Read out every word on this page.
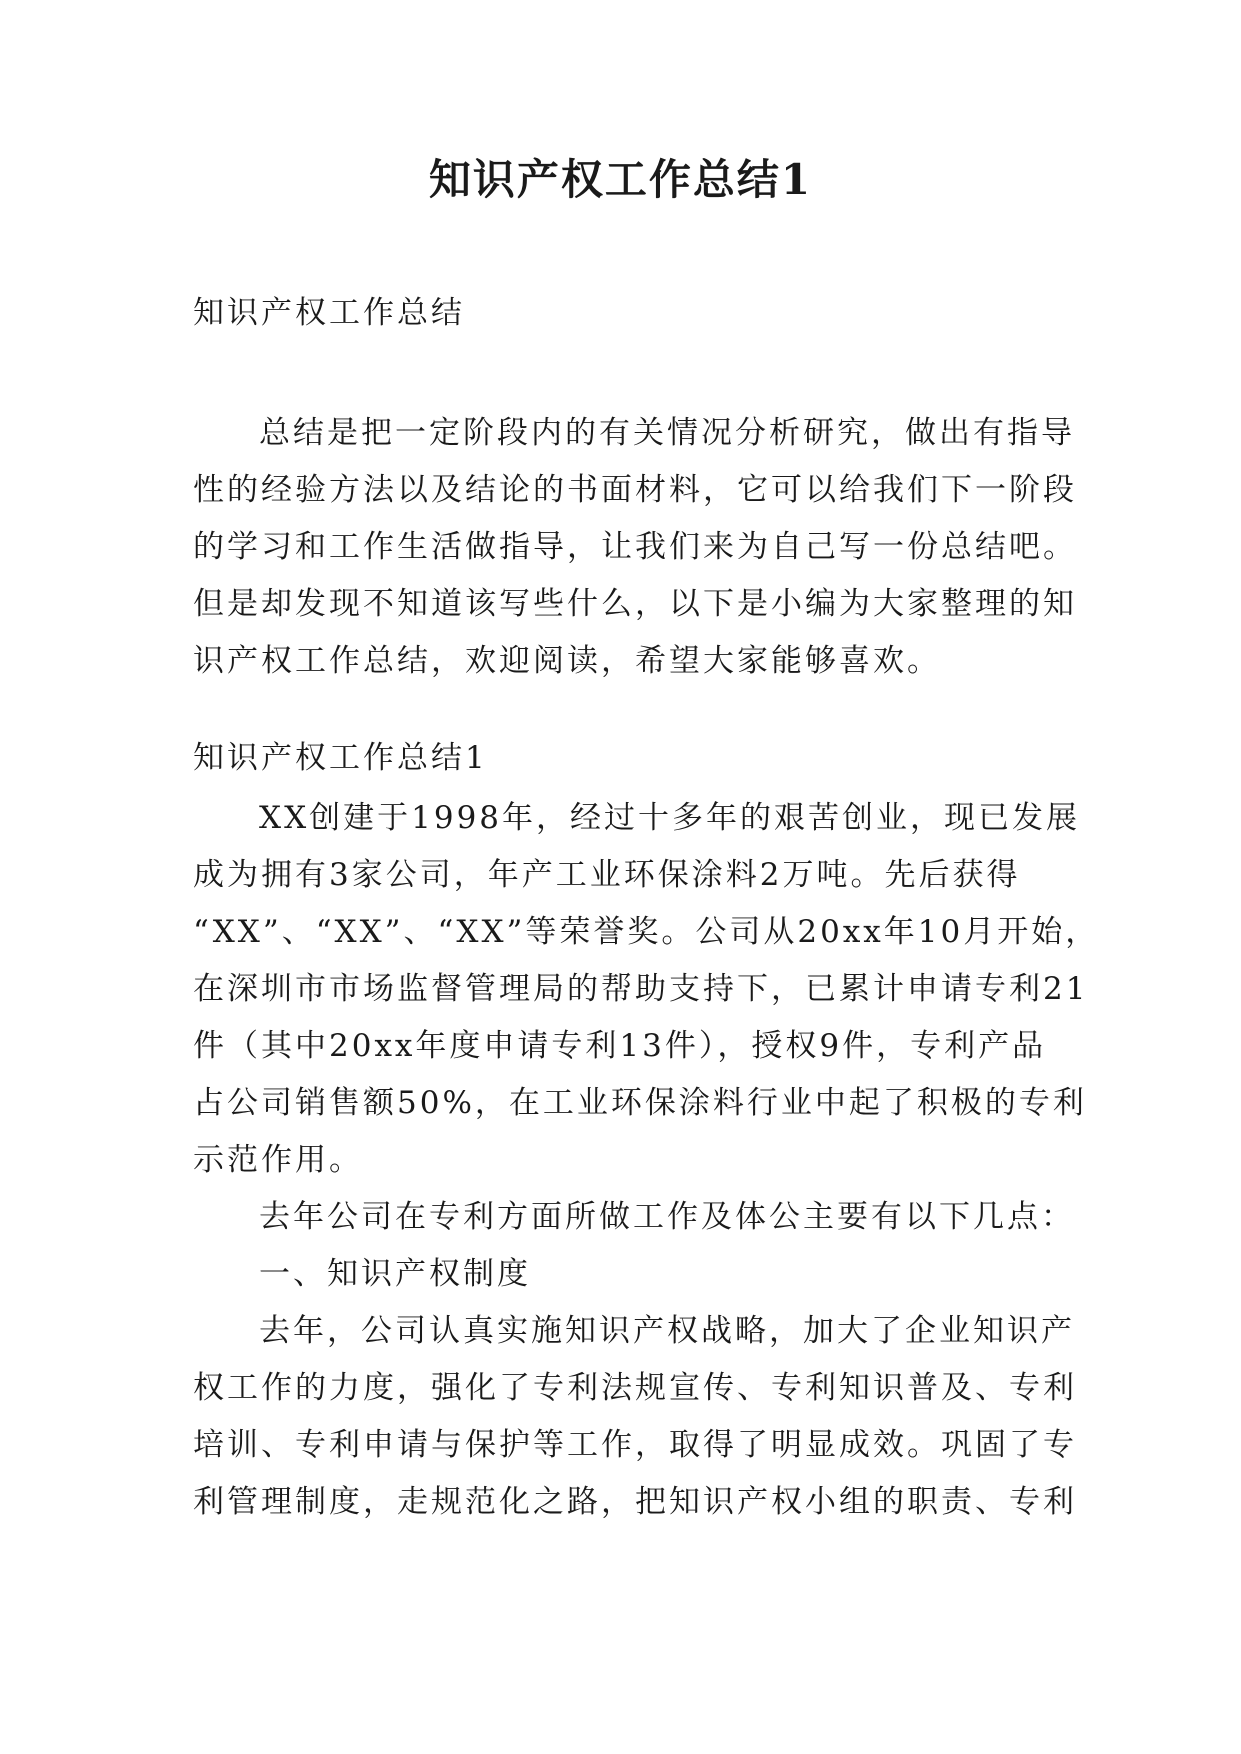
知识产权工作总结1
知识产权工作总结
总结是把一定阶段内的有关情况分析研究，做出有指导
性的经验方法以及结论的书面材料，它可以给我们下一阶段
的学习和工作生活做指导，让我们来为自己写一份总结吧。
但是却发现不知道该写些什么，以下是小编为大家整理的知
识产权工作总结，欢迎阅读，希望大家能够喜欢。
知识产权工作总结1
XX创建于1998年，经过十多年的艰苦创业，现已发展
成为拥有3家公司，年产工业环保涂料2万吨。先后获得
“XX”、“XX”、“XX”等荣誉奖。公司从20xx年10月开始，
在深圳市市场监督管理局的帮助支持下，已累计申请专利21
件（其中20xx年度申请专利13件），授权9件，专利产品
占公司销售额50%，在工业环保涂料行业中起了积极的专利
示范作用。
去年公司在专利方面所做工作及体公主要有以下几点：
一、知识产权制度
去年，公司认真实施知识产权战略，加大了企业知识产
权工作的力度，强化了专利法规宣传、专利知识普及、专利
培训、专利申请与保护等工作，取得了明显成效。巩固了专
利管理制度，走规范化之路，把知识产权小组的职责、专利
